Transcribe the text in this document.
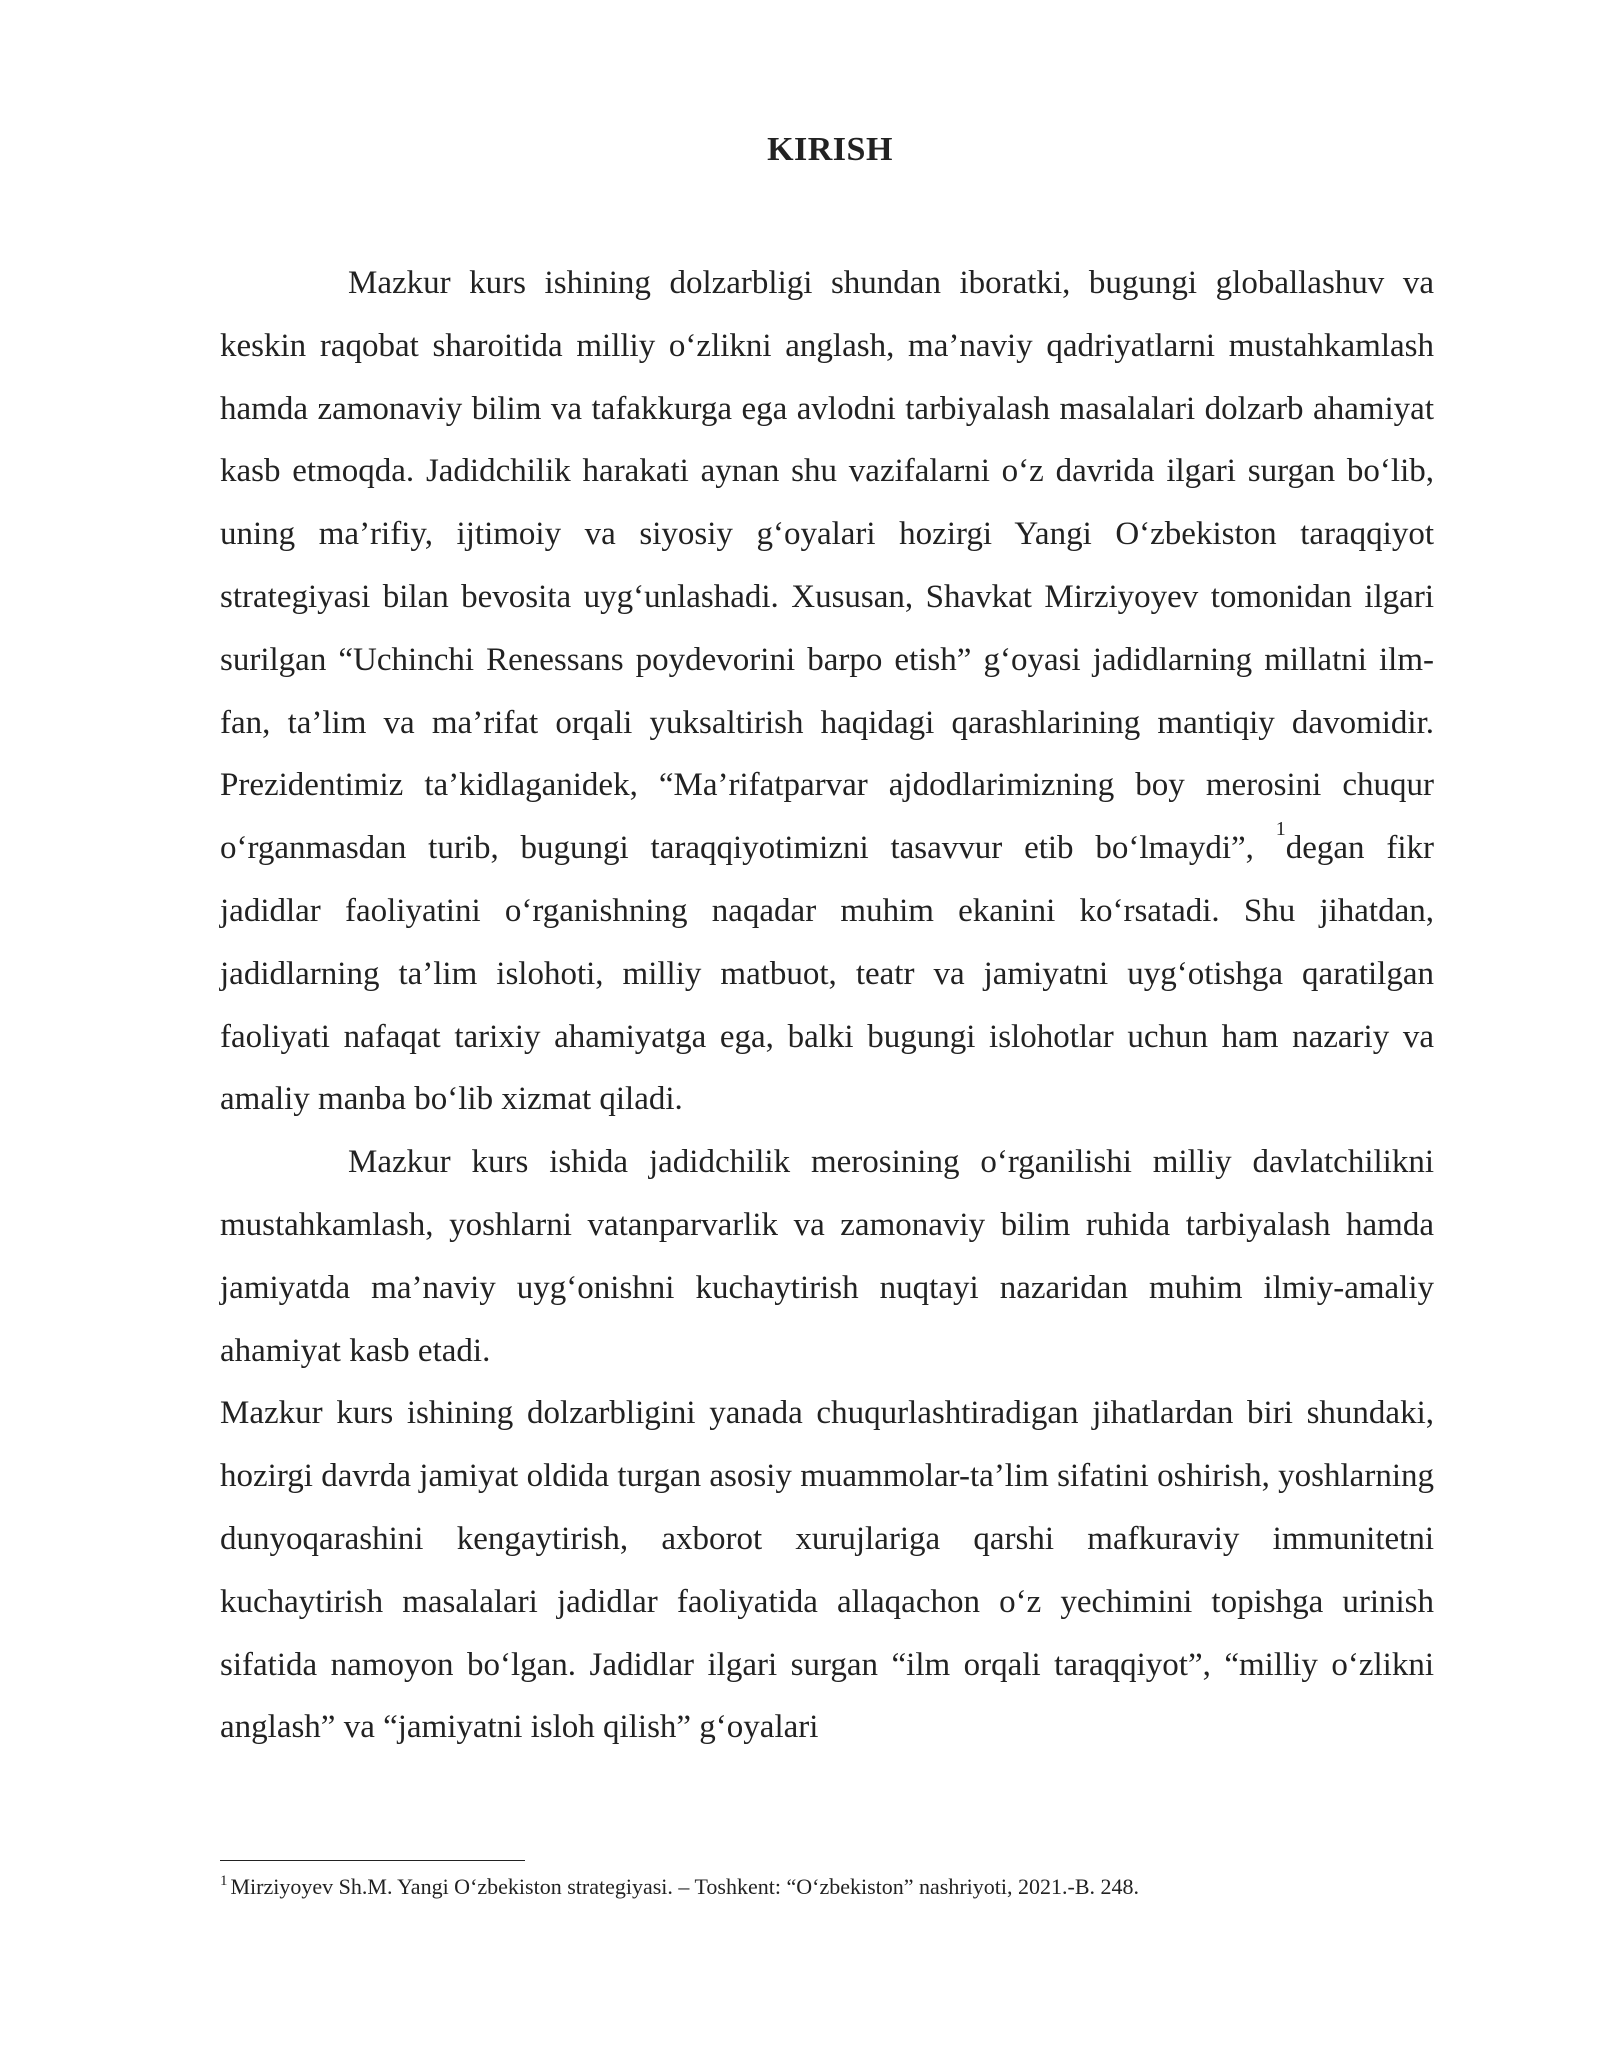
KIRISH

Mazkur kurs ishining dolzarbligi shundan iboratki, bugungi globallashuv va keskin raqobat sharoitida milliy o‘zlikni anglash, ma’naviy qadriyatlarni mustahkamlash hamda zamonaviy bilim va tafakkurga ega avlodni tarbiyalash masalalari dolzarb ahamiyat kasb etmoqda. Jadidchilik harakati aynan shu vazifalarni o‘z davrida ilgari surgan bo‘lib, uning ma’rifiy, ijtimoiy va siyosiy g‘oyalari hozirgi Yangi O‘zbekiston taraqqiyot strategiyasi bilan bevosita uyg‘unlashadi. Xususan, Shavkat Mirziyoyev tomonidan ilgari surilgan “Uchinchi Renessans poydevorini barpo etish” g‘oyasi jadidlarning millatni ilm-fan, ta’lim va ma’rifat orqali yuksaltirish haqidagi qarashlarining mantiqiy davomidir. Prezidentimiz ta’kidlaganidek, “Ma’rifatparvar ajdodlarimizning boy merosini chuqur o‘rganmasdan turib, bugungi taraqqiyotimizni tasavvur etib bo‘lmaydi”, $^1$degan fikr jadidlar faoliyatini o‘rganishning naqadar muhim ekanini ko‘rsatadi. Shu jihatdan, jadidlarning ta’lim islohoti, milliy matbuot, teatr va jamiyatni uyg‘otishga qaratilgan faoliyati nafaqat tarixiy ahamiyatga ega, balki bugungi islohotlar uchun ham nazariy va amaliy manba bo‘lib xizmat qiladi.

Mazkur kurs ishida jadidchilik merosining o‘rganilishi milliy davlatchilikni mustahkamlash, yoshlarni vatanparvarlik va zamonaviy bilim ruhida tarbiyalash hamda jamiyatda ma’naviy uyg‘onishni kuchaytirish nuqtayi nazaridan muhim ilmiy-amaliy ahamiyat kasb etadi.

Mazkur kurs ishining dolzarbligini yanada chuqurlashtiradigan jihatlardan biri shundaki, hozirgi davrda jamiyat oldida turgan asosiy muammolar-ta’lim sifatini oshirish, yoshlarning dunyoqarashini kengaytirish, axborot xurujlariga qarshi mafkuraviy immunitetni kuchaytirish masalalari jadidlar faoliyatida allaqachon o‘z yechimini topishga urinish sifatida namoyon bo‘lgan. Jadidlar ilgari surgan “ilm orqali taraqqiyot”, “milliy o‘zlikni anglash” va “jamiyatni isloh qilish” g‘oyalari

$^1$ Mirziyoyev Sh.M. Yangi O‘zbekiston strategiyasi. – Toshkent: “O‘zbekiston” nashriyoti, 2021.-B. 248.
